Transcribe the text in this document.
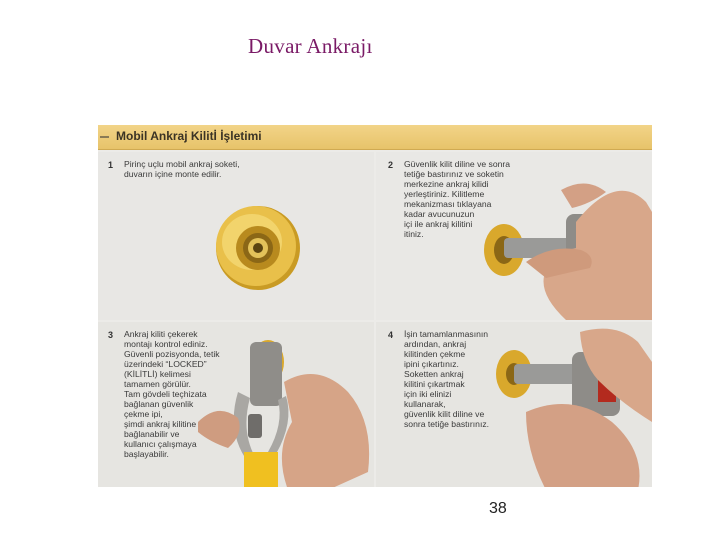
Duvar Ankrajı
Mobil Ankraj Kilitİ İşletimi
1 Pirinç uçlu mobil ankraj soketi,
duvarın içine monte edilir.

2 Güvenlik kilit diline ve sonra
tetiğe bastırınız ve soketin
merkezine ankraj kilidi
yerleştiriniz. Kilitleme
mekanizması tıklayana
kadar avucunuzun
içi ile ankraj kilitini
itiniz.

3 Ankraj kiliti çekerek
montajı kontrol ediniz.
Güvenli pozisyonda, tetik
üzerindeki “LOCKED”
(KİLİTLİ) kelimesi
tamamen görülür.
Tam gövdeli teçhizata
bağlanan güvenlik
çekme ipi,
şimdi ankraj kilitine
bağlanabilir ve
kullanıcı çalışmaya
başlayabilir.

4 İşin tamamlanmasının
ardından, ankraj
kilitinden çekme
ipini çıkartınız.
Soketten ankraj
kilitini çıkartmak
için iki elinizi
kullanarak,
güvenlik kilit diline ve
sonra tetiğe bastırınız.

38
